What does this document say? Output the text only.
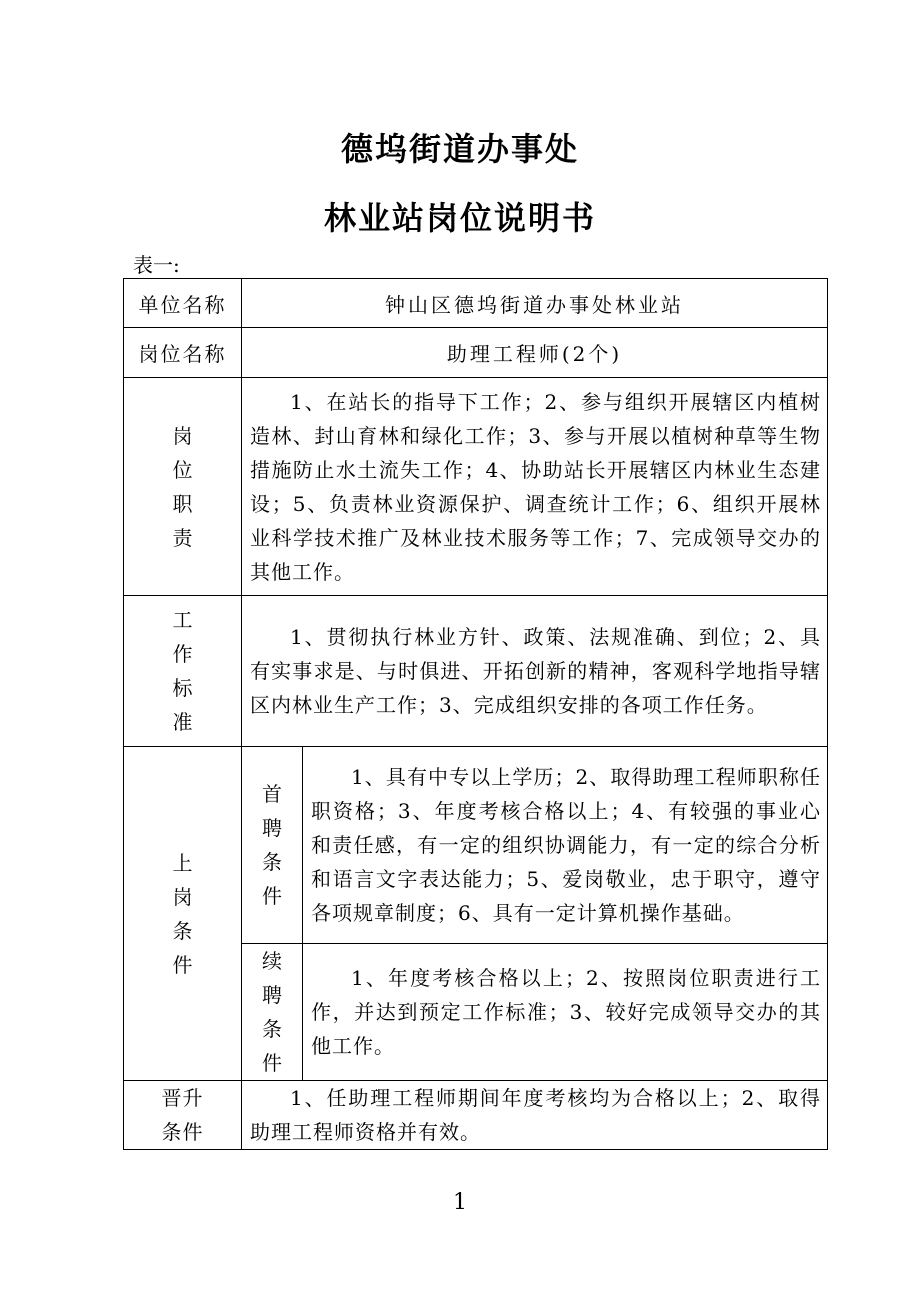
德坞街道办事处
林业站岗位说明书
表一:
单位名称	钟山区德坞街道办事处林业站	
岗位名称	助理工程师(2个)	

岗位职责	1、在站长的指导下工作；2、参与组织开展辖区内植树造林、封山育林和绿化工作；3、参与开展以植树种草等生物措施防止水土流失工作；4、协助站长开展辖区内林业生态建设；5、负责林业资源保护、调查统计工作；6、组织开展林业科学技术推广及林业技术服务等工作；7、完成领导交办的其他工作。	

工作标准	1、贯彻执行林业方针、政策、法规准确、到位；2、具有实事求是、与时俱进、开拓创新的精神，客观科学地指导辖区内林业生产工作；3、完成组织安排的各项工作任务。	

上岗条件	首聘条件	1、具有中专以上学历；2、取得助理工程师职称任职资格；3、年度考核合格以上；4、有较强的事业心和责任感，有一定的组织协调能力，有一定的综合分析和语言文字表达能力；5、爱岗敬业，忠于职守，遵守各项规章制度；6、具有一定计算机操作基础。

	续聘条件	1、年度考核合格以上；2、按照岗位职责进行工作，并达到预定工作标准；3、较好完成领导交办的其他工作。

晋升条件	1、任助理工程师期间年度考核均为合格以上；2、取得助理工程师资格并有效。	
1
